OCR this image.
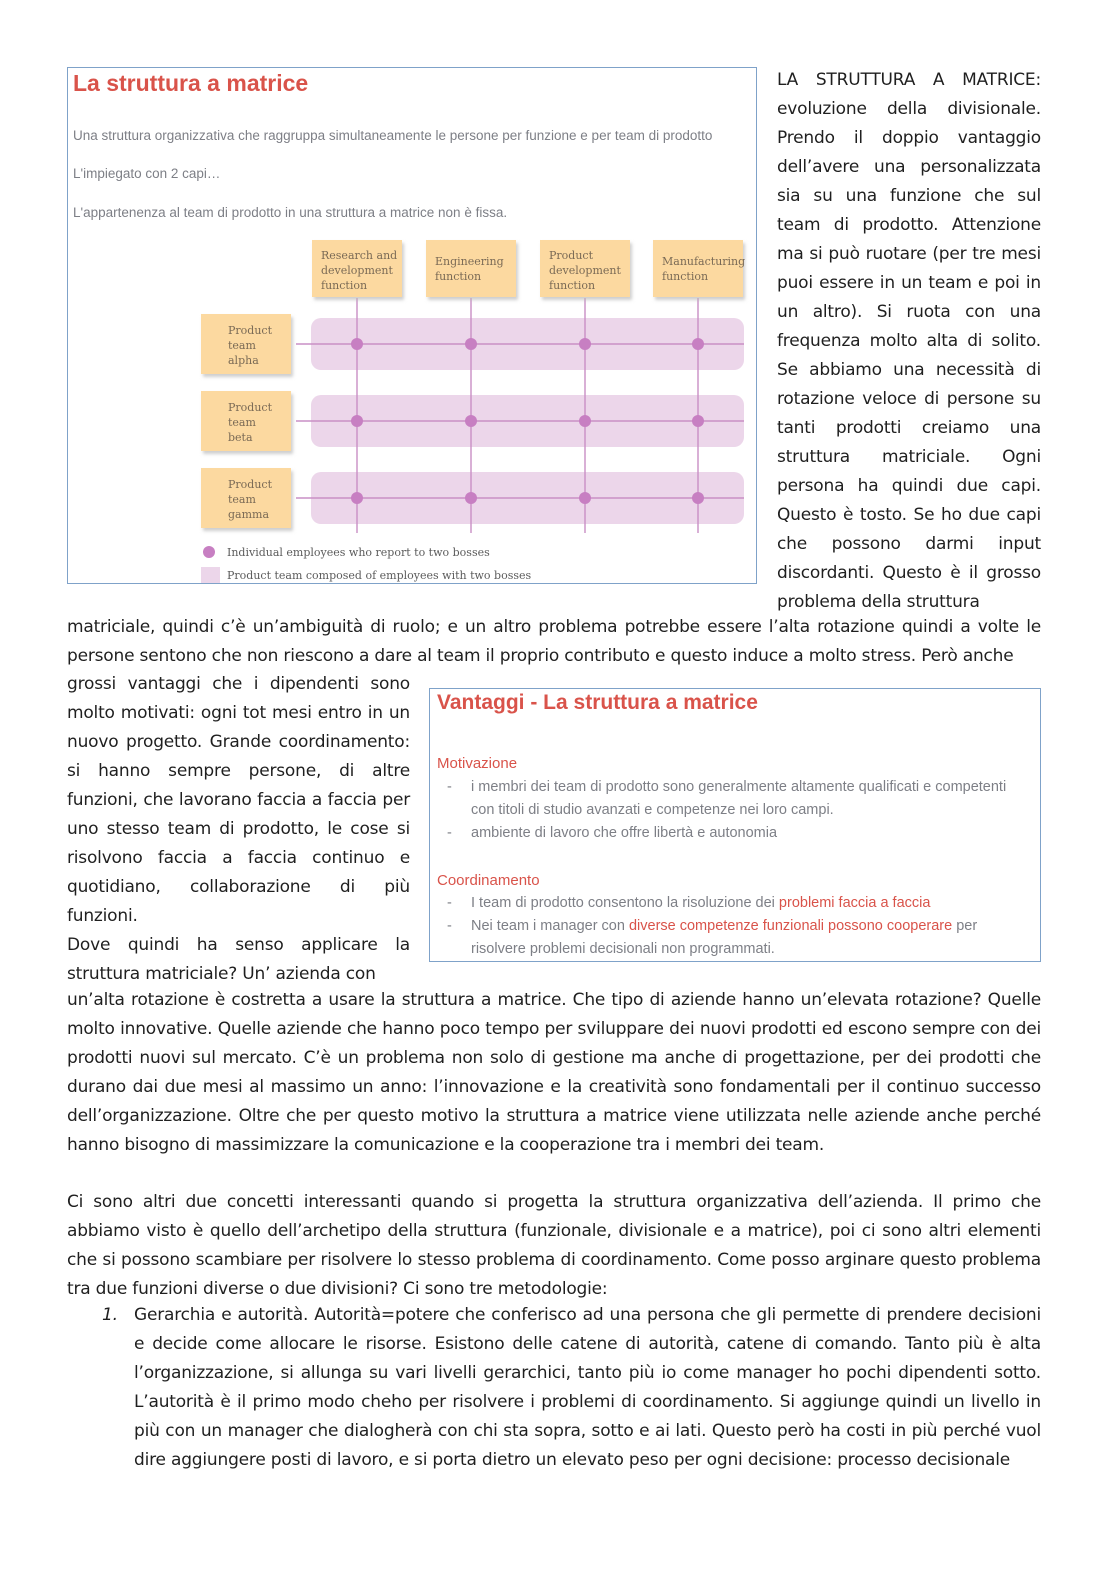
Research and
development
function
Engineering
function
Product
development
function
Manufacturing
function
Product
team
alpha
Product
team
beta
Product
team
gamma
Individual employees who report to two bosses
Product team composed of employees with two bosses
La struttura a matrice
Una struttura organizzativa che raggruppa simultaneamente le persone per funzione e per team di prodotto
L'impiegato con 2 capi…
L'appartenenza al team di prodotto in una struttura a matrice non è fissa.

LA STRUTTURA A MATRICE: evoluzione della divisionale. Prendo il doppio vantaggio dell’avere una personalizzata sia su una funzione che sul team di prodotto. Attenzione ma si può ruotare (per tre mesi puoi essere in un team e poi in un altro). Si ruota con una frequenza molto alta di solito. Se abbiamo una necessità di rotazione veloce di persone su tanti prodotti creiamo una struttura matriciale. Ogni persona ha quindi due capi. Questo è tosto. Se ho due capi che possono darmi input discordanti. Questo è il grosso problema della struttura

matriciale, quindi c’è un’ambiguità di ruolo; e un altro problema potrebbe essere l’alta rotazione quindi a volte le persone sentono che non riescono a dare al team il proprio contributo e questo induce a molto stress. Però anche

grossi vantaggi che i dipendenti sono molto motivati: ogni tot mesi entro in un nuovo progetto. Grande coordinamento: si hanno sempre persone, di altre funzioni, che lavorano faccia a faccia per uno stesso team di prodotto, le cose si risolvono faccia a faccia continuo e quotidiano, collaborazione di più funzioni.

Dove quindi ha senso applicare la struttura matriciale? Un’ azienda con

Vantaggi - La struttura a matrice
Motivazione
- i membri dei team di prodotto sono generalmente altamente qualificati e competenti con titoli di studio avanzati e competenze nei loro campi.
- ambiente di lavoro che offre libertà e autonomia
Coordinamento
- I team di prodotto consentono la risoluzione dei problemi faccia a faccia
- Nei team i manager con diverse competenze funzionali possono cooperare per risolvere problemi decisionali non programmati.

un’alta rotazione è costretta a usare la struttura a matrice. Che tipo di aziende hanno un’elevata rotazione? Quelle molto innovative. Quelle aziende che hanno poco tempo per sviluppare dei nuovi prodotti ed escono sempre con dei prodotti nuovi sul mercato. C’è un problema non solo di gestione ma anche di progettazione, per dei prodotti che durano dai due mesi al massimo un anno: l’innovazione e la creatività sono fondamentali per il continuo successo dell’organizzazione. Oltre che per questo motivo la struttura a matrice viene utilizzata nelle aziende anche perché hanno bisogno di massimizzare la comunicazione e la cooperazione tra i membri dei team.

Ci sono altri due concetti interessanti quando si progetta la struttura organizzativa dell’azienda. Il primo che abbiamo visto è quello dell’archetipo della struttura (funzionale, divisionale e a matrice), poi ci sono altri elementi che si possono scambiare per risolvere lo stesso problema di coordinamento. Come posso arginare questo problema tra due funzioni diverse o due divisioni? Ci sono tre metodologie:

1. Gerarchia e autorità. Autorità=potere che conferisco ad una persona che gli permette di prendere decisioni e decide come allocare le risorse. Esistono delle catene di autorità, catene di comando. Tanto più è alta l’organizzazione, si allunga su vari livelli gerarchici, tanto più io come manager ho pochi dipendenti sotto. L’autorità è il primo modo cheho per risolvere i problemi di coordinamento. Si aggiunge quindi un livello in più con un manager che dialogherà con chi sta sopra, sotto e ai lati. Questo però ha costi in più perché vuol dire aggiungere posti di lavoro, e si porta dietro un elevato peso per ogni decisione: processo decisionale
